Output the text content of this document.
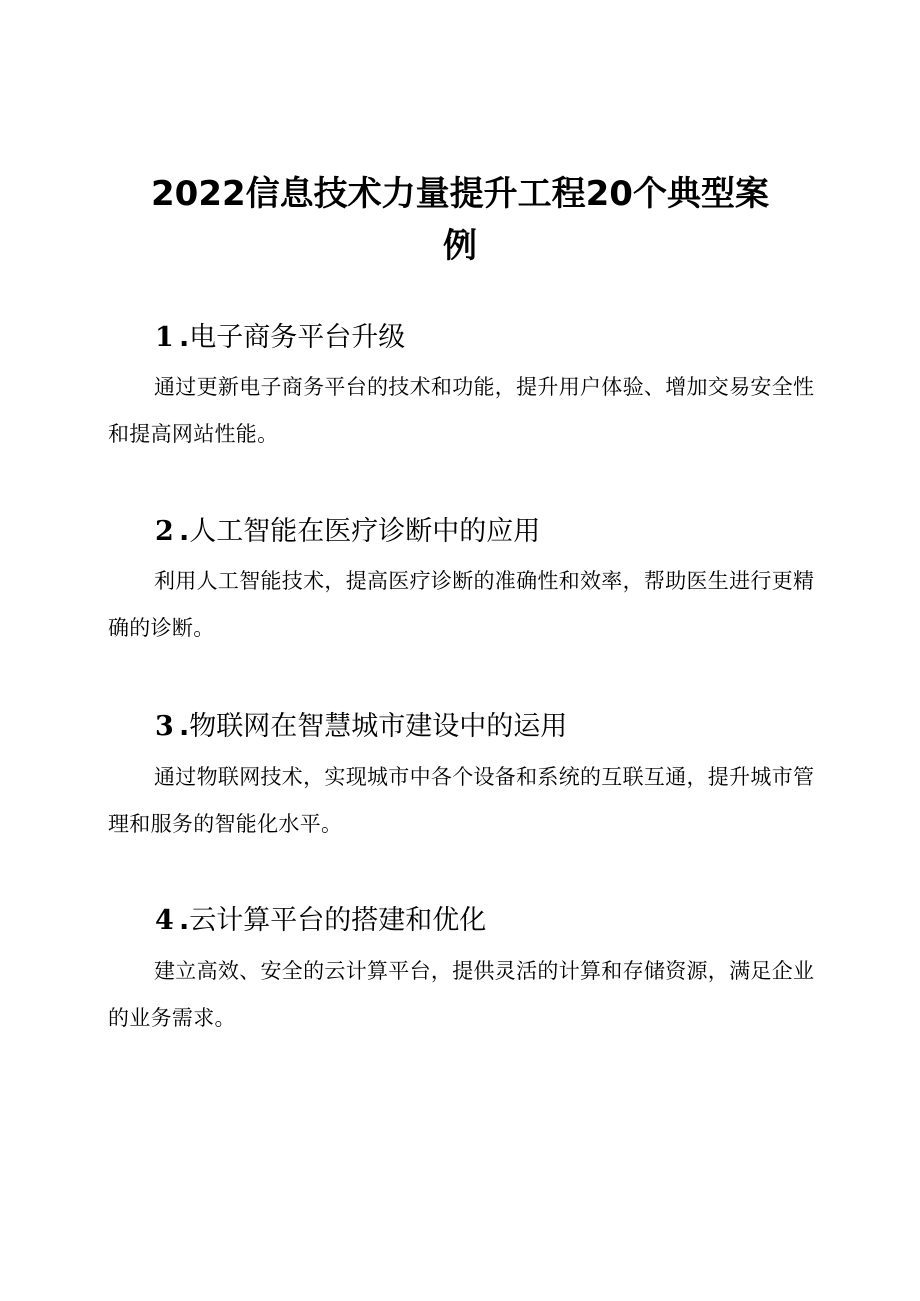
2022信息技术力量提升工程20个典型案例
1 .电子商务平台升级

通过更新电子商务平台的技术和功能，提升用户体验、增加交易安全性和提高网站性能。

2 .人工智能在医疗诊断中的应用

利用人工智能技术，提高医疗诊断的准确性和效率，帮助医生进行更精确的诊断。

3 .物联网在智慧城市建设中的运用

通过物联网技术，实现城市中各个设备和系统的互联互通，提升城市管理和服务的智能化水平。

4 .云计算平台的搭建和优化

建立高效、安全的云计算平台，提供灵活的计算和存储资源，满足企业的业务需求。
